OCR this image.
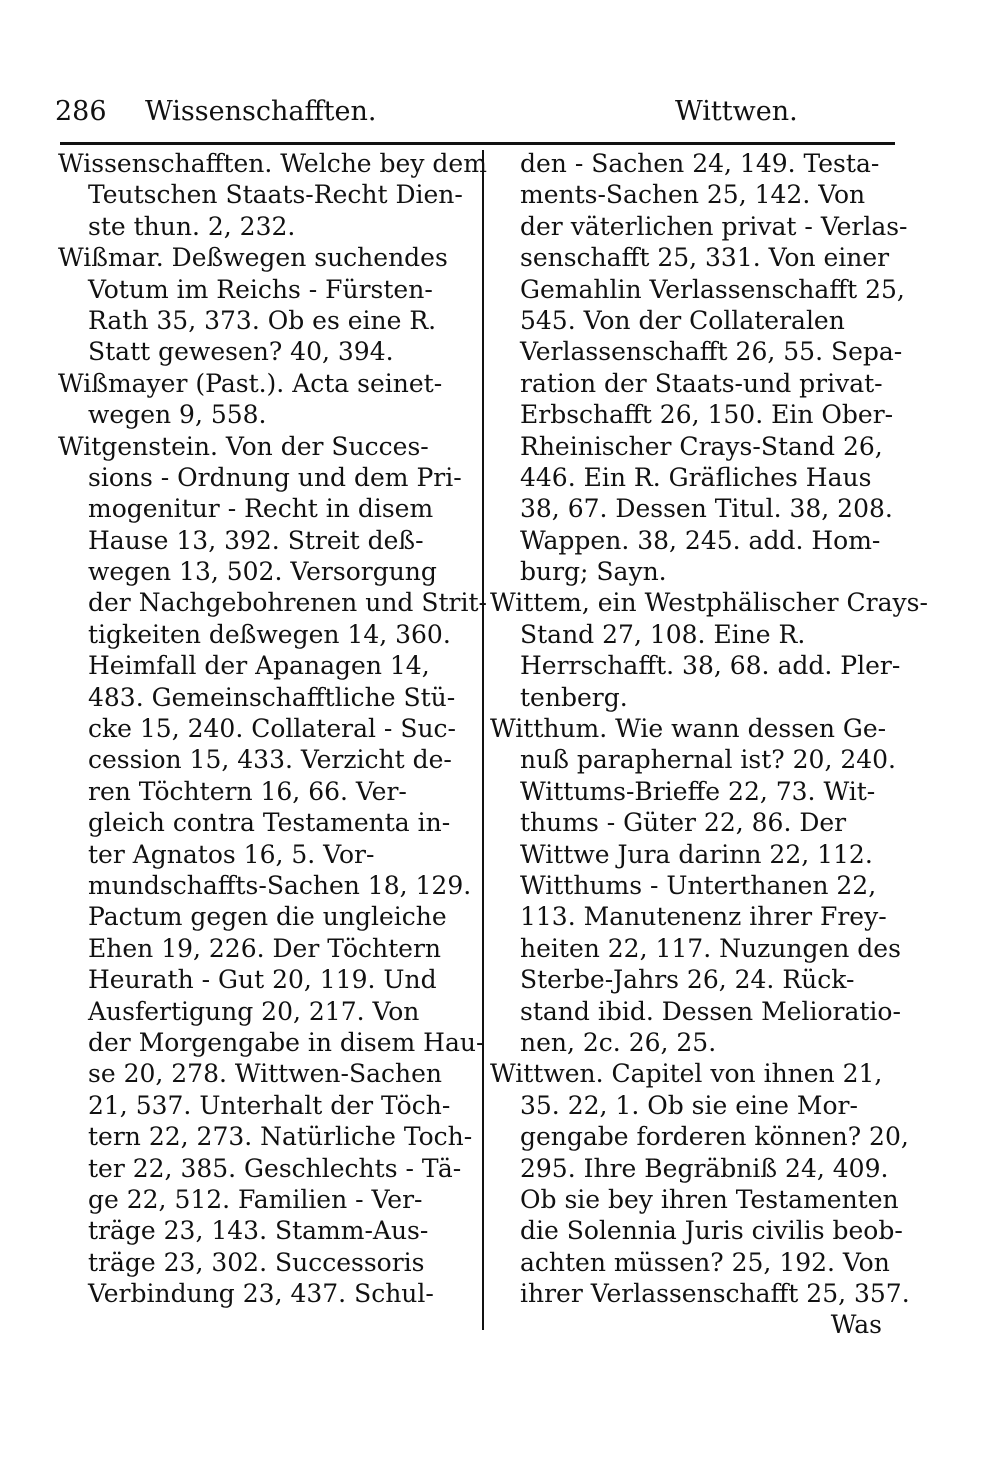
286 Wissenschafften.	Wittwen.
Wissenschafften. Welche bey dem
Teutschen Staats-Recht Dien-
ste thun. 2, 232.
Wißmar. Deßwegen suchendes
Votum im Reichs - Fürsten-
Rath 35, 373. Ob es eine R.
Statt gewesen? 40, 394.
Wißmayer (Past.). Acta seinet-
wegen 9, 558.
Witgenstein. Von der Succes-
sions - Ordnung und dem Pri-
mogenitur - Recht in disem
Hause 13, 392. Streit deß-
wegen 13, 502. Versorgung
der Nachgebohrenen und Strit-
tigkeiten deßwegen 14, 360.
Heimfall der Apanagen 14,
483. Gemeinschafftliche Stü-
cke 15, 240. Collateral - Suc-
cession 15, 433. Verzicht de-
ren Töchtern 16, 66. Ver-
gleich contra Testamenta in-
ter Agnatos 16, 5. Vor-
mundschaffts-Sachen 18, 129.
Pactum gegen die ungleiche
Ehen 19, 226. Der Töchtern
Heurath - Gut 20, 119. Und
Ausfertigung 20, 217. Von
der Morgengabe in disem Hau-
se 20, 278. Wittwen-Sachen
21, 537. Unterhalt der Töch-
tern 22, 273. Natürliche Toch-
ter 22, 385. Geschlechts - Tä-
ge 22, 512. Familien - Ver-
träge 23, 143. Stamm-Aus-
träge 23, 302. Successoris
Verbindung 23, 437. Schul-
den - Sachen 24, 149. Testa-
ments-Sachen 25, 142. Von
der väterlichen privat - Verlas-
senschafft 25, 331. Von einer
Gemahlin Verlassenschafft 25,
545. Von der Collateralen
Verlassenschafft 26, 55. Sepa-
ration der Staats-und privat-
Erbschafft 26, 150. Ein Ober-
Rheinischer Crays-Stand 26,
446. Ein R. Gräfliches Haus
38, 67. Dessen Titul. 38, 208.
Wappen. 38, 245. add. Hom-
burg; Sayn.
Wittem, ein Westphälischer Crays-
Stand 27, 108. Eine R.
Herrschafft. 38, 68. add. Pler-
tenberg.
Witthum. Wie wann dessen Ge-
nuß paraphernal ist? 20, 240.
Wittums-Brieffe 22, 73. Wit-
thums - Güter 22, 86. Der
Wittwe Jura darinn 22, 112.
Witthums - Unterthanen 22,
113. Manutenenz ihrer Frey-
heiten 22, 117. Nuzungen des
Sterbe-Jahrs 26, 24. Rück-
stand ibid. Dessen Melioratio-
nen, 2c. 26, 25.
Wittwen. Capitel von ihnen 21,
35. 22, 1. Ob sie eine Mor-
gengabe forderen können? 20,
295. Ihre Begräbniß 24, 409.
Ob sie bey ihren Testamenten
die Solennia Juris civilis beob-
achten müssen? 25, 192. Von
ihrer Verlassenschafft 25, 357.
Was
